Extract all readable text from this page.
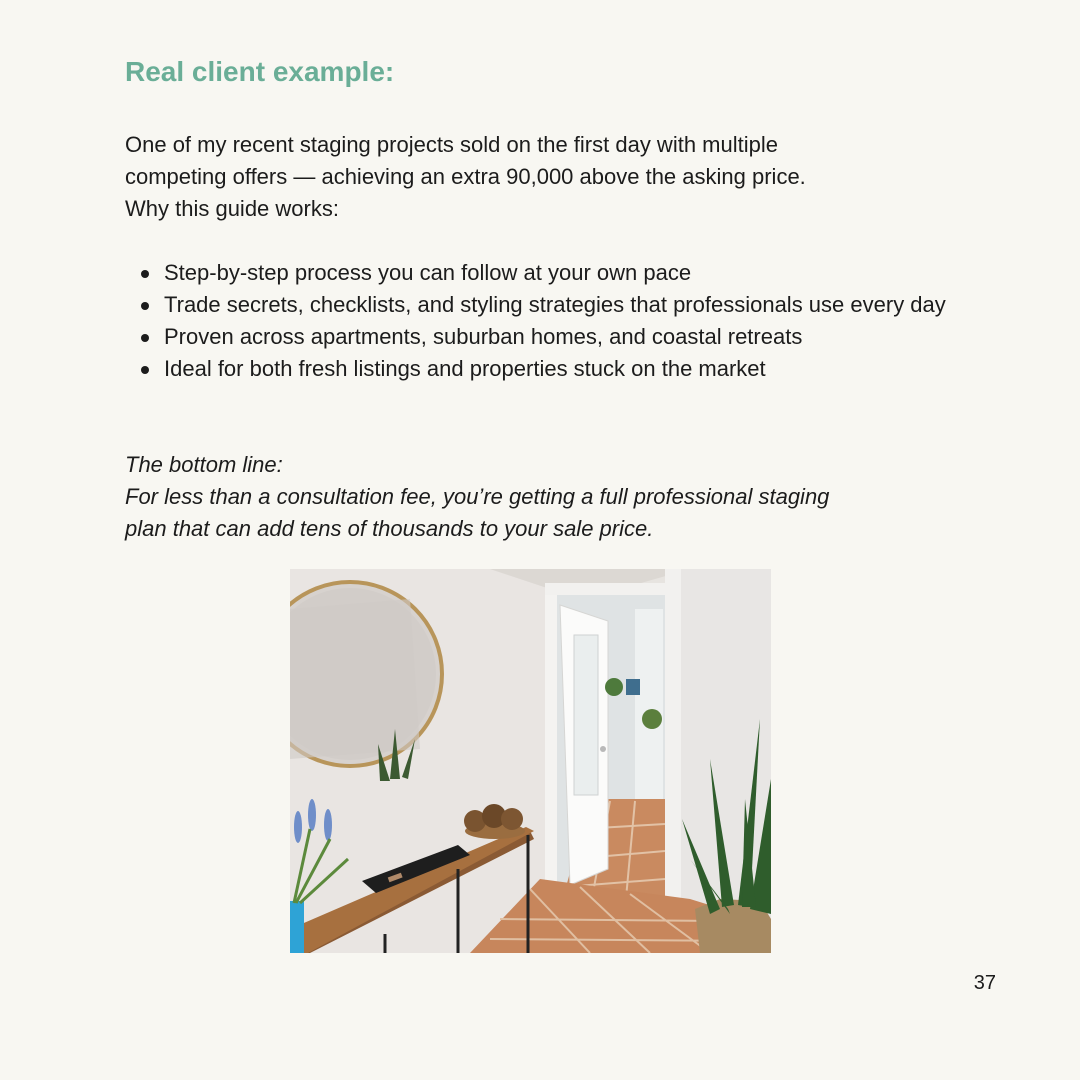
Real client example:

One of my recent staging projects sold on the first day with multiple
competing offers — achieving an extra 90,000 above the asking price.
Why this guide works:

Step-by-step process you can follow at your own pace
Trade secrets, checklists, and styling strategies that professionals use every day
Proven across apartments, suburban homes, and coastal retreats
Ideal for both fresh listings and properties stuck on the market

The bottom line:
For less than a consultation fee, you’re getting a full professional staging
plan that can add tens of thousands to your sale price.

37
